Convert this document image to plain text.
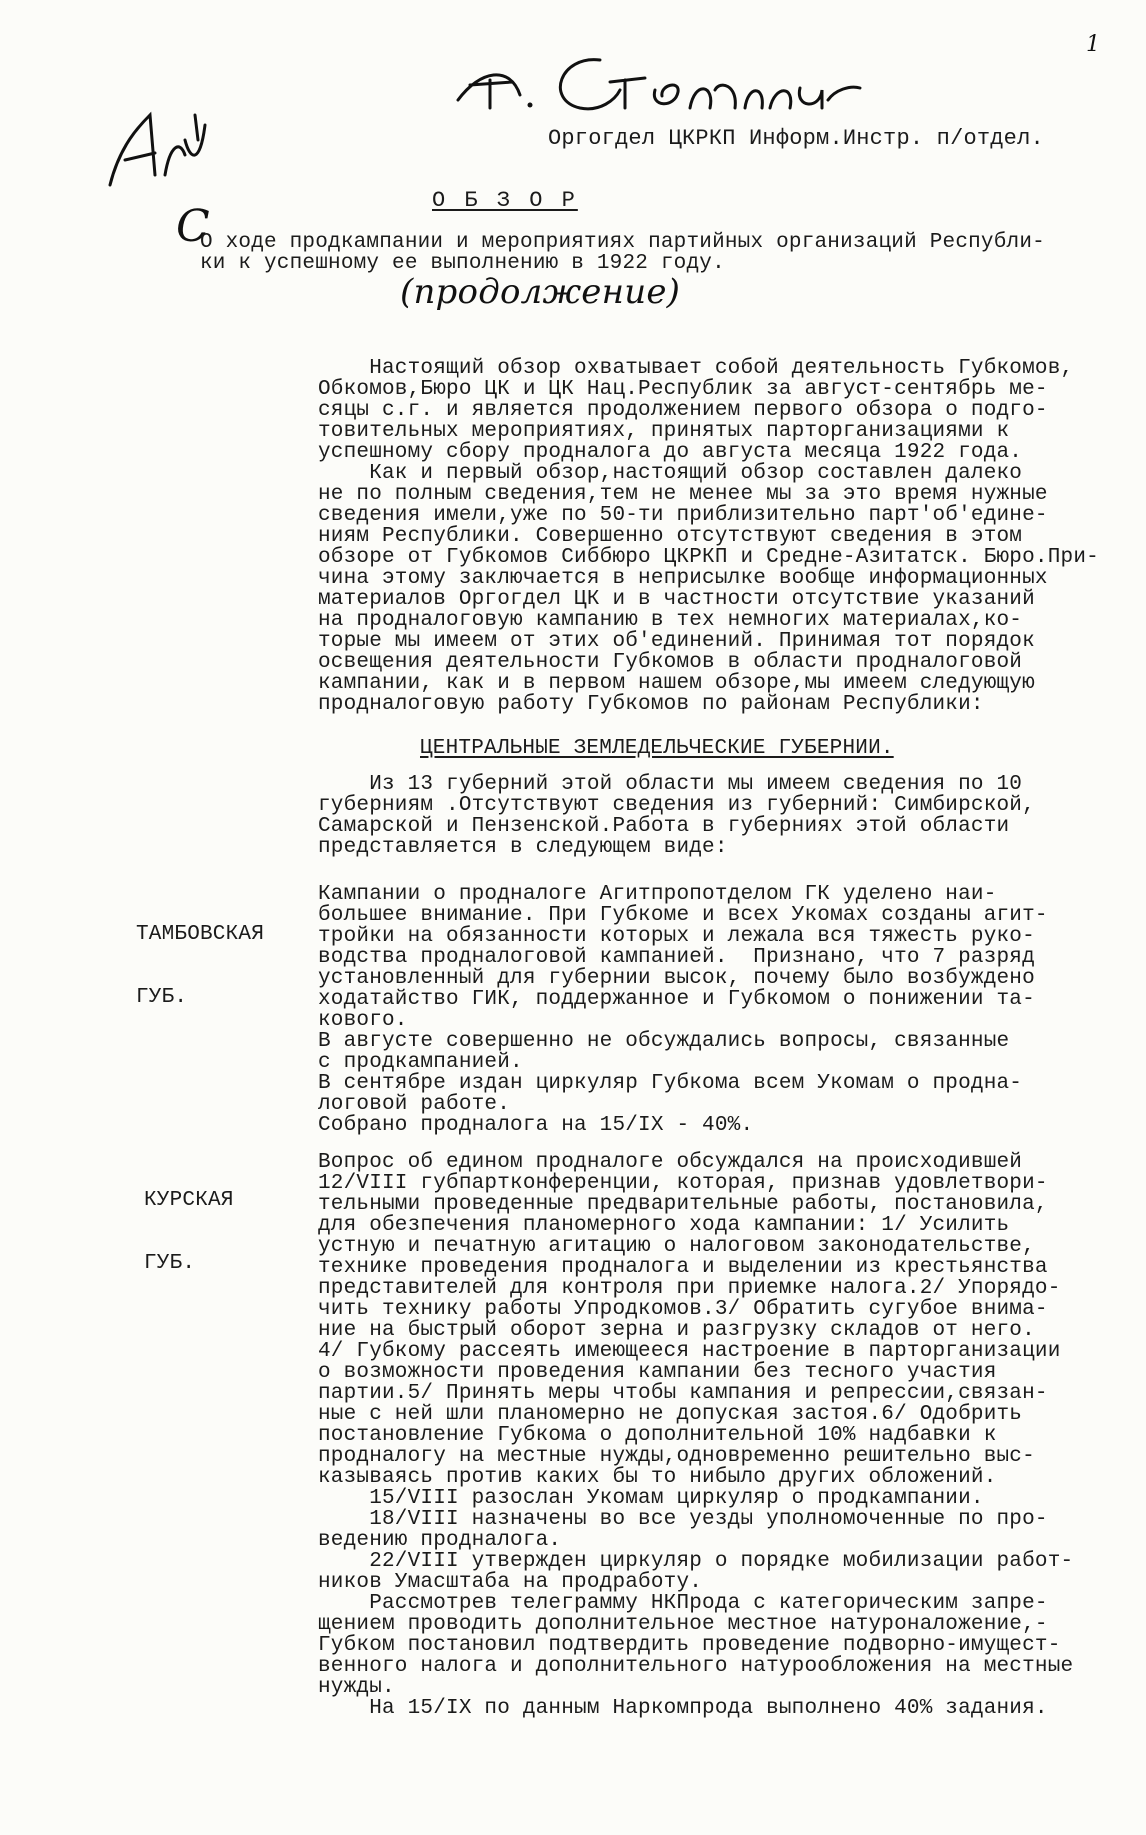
1
Оргогдел ЦКРКП Информ.Инстр. п/отдел.
О Б З О Р
С
О ходе продкампании и мероприятиях партийных организаций Республи-
ки к успешному ее выполнению в 1922 году.
(продолжение)
Настоящий обзор охватывает собой деятельность Губкомов,
Обкомов,Бюро ЦК и ЦК Нац.Республик за август-сентябрь ме-
сяцы с.г. и является продолжением первого обзора о подго-
товительных мероприятиях, принятых парторганизациями к
успешному сбору продналога до августа месяца 1922 года.
Как и первый обзор,настоящий обзор составлен далеко
не по полным сведения,тем не менее мы за это время нужные
сведения имели,уже по 50-ти приблизительно парт'об'едине-
ниям Республики. Совершенно отсутствуют сведения в этом
обзоре от Губкомов Сиббюро ЦКРКП и Средне-Азитатск. Бюро.При-
чина этому заключается в неприсылке вообще информационных
материалов Оргогдел ЦК и в частности отсутствие указаний
на продналоговую кампанию в тех немногих материалах,ко-
торые мы имеем от этих об'единений. Принимая тот порядок
освещения деятельности Губкомов в области продналоговой
кампании, как и в первом нашем обзоре,мы имеем следующую
продналоговую работу Губкомов по районам Республики:
ЦЕНТРАЛЬНЫЕ ЗЕМЛЕДЕЛЬЧЕСКИЕ ГУБЕРНИИ.
Из 13 губерний этой области мы имеем сведения по 10
губерниям .Отсутствуют сведения из губерний: Симбирской,
Самарской и Пензенской.Работа в губерниях этой области
представляется в следующем виде:

ТАМБОВСКАЯ

ГУБ.

Кампании о продналоге Агитпропотделом ГК уделено наи-
большее внимание. При Губкоме и всех Укомах созданы агит-
тройки на обязанности которых и лежала вся тяжесть руко-
водства продналоговой кампанией.  Признано, что 7 разряд
установленный для губернии высок, почему было возбуждено
ходатайство ГИК, поддержанное и Губкомом о понижении та-
кового.
В августе совершенно не обсуждались вопросы, связанные
с продкампанией.
В сентябре издан циркуляр Губкома всем Укомам о продна-
логовой работе.
Собрано продналога на 15/IX - 40%.

КУРСКАЯ

ГУБ.

Вопрос об едином продналоге обсуждался на происходившей
12/VIII губпартконференции, которая, признав удовлетвори-
тельными проведенные предварительные работы, постановила,
для обезпечения планомерного хода кампании: 1/ Усилить
устную и печатную агитацию о налоговом законодательстве,
технике проведения продналога и выделении из крестьянства
представителей для контроля при приемке налога.2/ Упорядо-
чить технику работы Упродкомов.3/ Обратить сугубое внима-
ние на быстрый оборот зерна и разгрузку складов от него.
4/ Губкому рассеять имеющееся настроение в парторганизации
о возможности проведения кампании без тесного участия
партии.5/ Принять меры чтобы кампания и репрессии,связан-
ные с ней шли планомерно не допуская застоя.6/ Одобрить
постановление Губкома о дополнительной 10% надбавки к
продналогу на местные нужды,одновременно решительно выс-
казываясь против каких бы то нибыло других обложений.
15/VIII разослан Укомам циркуляр о продкампании.
18/VIII назначены во все уезды уполномоченные по про-
ведению продналога.
22/VIII утвержден циркуляр о порядке мобилизации работ-
ников Умасштаба на продработу.
Рассмотрев телеграмму НКПрода с категорическим запре-
щением проводить дополнительное местное натуроналожение,-
Губком постановил подтвердить проведение подворно-имущест-
венного налога и дополнительного натурообложения на местные
нужды.
На 15/IX по данным Наркомпрода выполнено 40% задания.
